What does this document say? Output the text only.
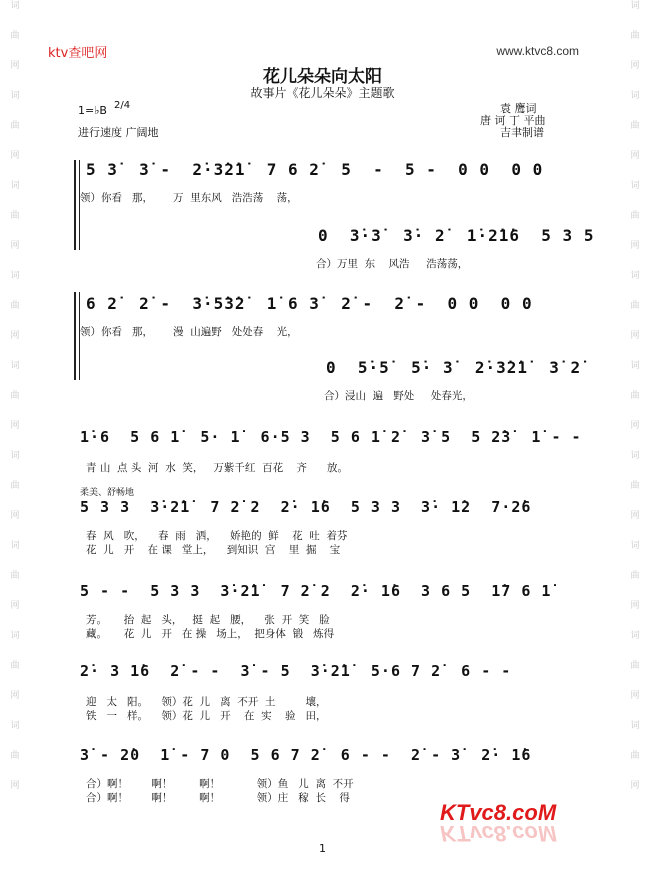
词
曲
网
词
曲
网
词
曲
网
词
曲
网
词
曲
网
词
曲
网
词
曲
网
词
曲
网
词
曲
网
词
曲
网
词
曲
网
词
曲
网
词
曲
网
词
曲
网
词
曲
网
词
曲
网
词
曲
网
词
曲
网
ktv查吧网	www.ktvc8.com
花儿朵朵向太阳
故事片《花儿朵朵》主题歌
1=♭B 2/4
进行速度 广阔地
袁 鹰词
唐 诃 丁 平曲
吉聿制谱
5 3̇  3̇ -  2̇·3̇2̇1̇  7 6 2̇  5  -  5 -  0 0  0 0
领）你看   那，      万  里东风   浩浩荡    荡，
0  3̇·3̇  3̇· 2̇  1̇·2̇1̇6  5 3 5
合）万里  东    风浩     浩荡荡，
6 2̇  2̇ -  3̇·5̇3̇2̇  1̇ 6 3̇  2̇ -  2̇ -  0 0  0 0
领）你看   那，      漫  山遍野   处处春    光，
0  5̇·5̇  5̇· 3̇  2̇·3̇2̇1̇  3̇ 2̇
合）浸山  遍   野处     处春光，
1̇·6  5 6 1̇  5· 1̇  6·5 3  5 6 1̇ 2̇  3̇ 5  5 2̇3̇  1̇ - -
青 山  点 头  河  水  笑，   万紫千红  百花    齐      放。
柔美、舒畅地
5 3 3  3̇·2̇1̇  7 2̇ 2  2̇· 1̇6  5 3 3  3̇· 1̇2  7·2̇6
春  风   吹，    春  雨   洒，    娇艳的  鲜    花  吐  着芬
花  儿   开    在 课   堂上，    到知识  宫    里  掘    宝
5 - -  5 3 3  3̇·2̇1̇  7 2̇ 2  2̇· 1̇6  3 6 5  1̇7 6 1̇
芳。     抬  起   头，   挺  起   腰，    张  开  笑   脸
藏。     花  儿   开   在 操   场上，  把身体  锻   炼得
2̇· 3 1̇6  2̇ - -  3̇ - 5  3̇·2̇1̇  5·6 7 2̇  6 - -
迎   太   阳。    领）花  儿   离  不开  土         壤，
铁   一   样。    领）花  儿   开    在  实    验   田，
3̇ - 2̇0  1̇ - 7 0  5 6 7 2̇  6 - -  2̇ - 3̇  2̇· 1̇6
合）啊！       啊！        啊！           领）鱼   儿  离  不开
合）啊！       啊！        啊！           领）庄   稼  长    得
KTvc8.coM
KTvc8.coM
1
